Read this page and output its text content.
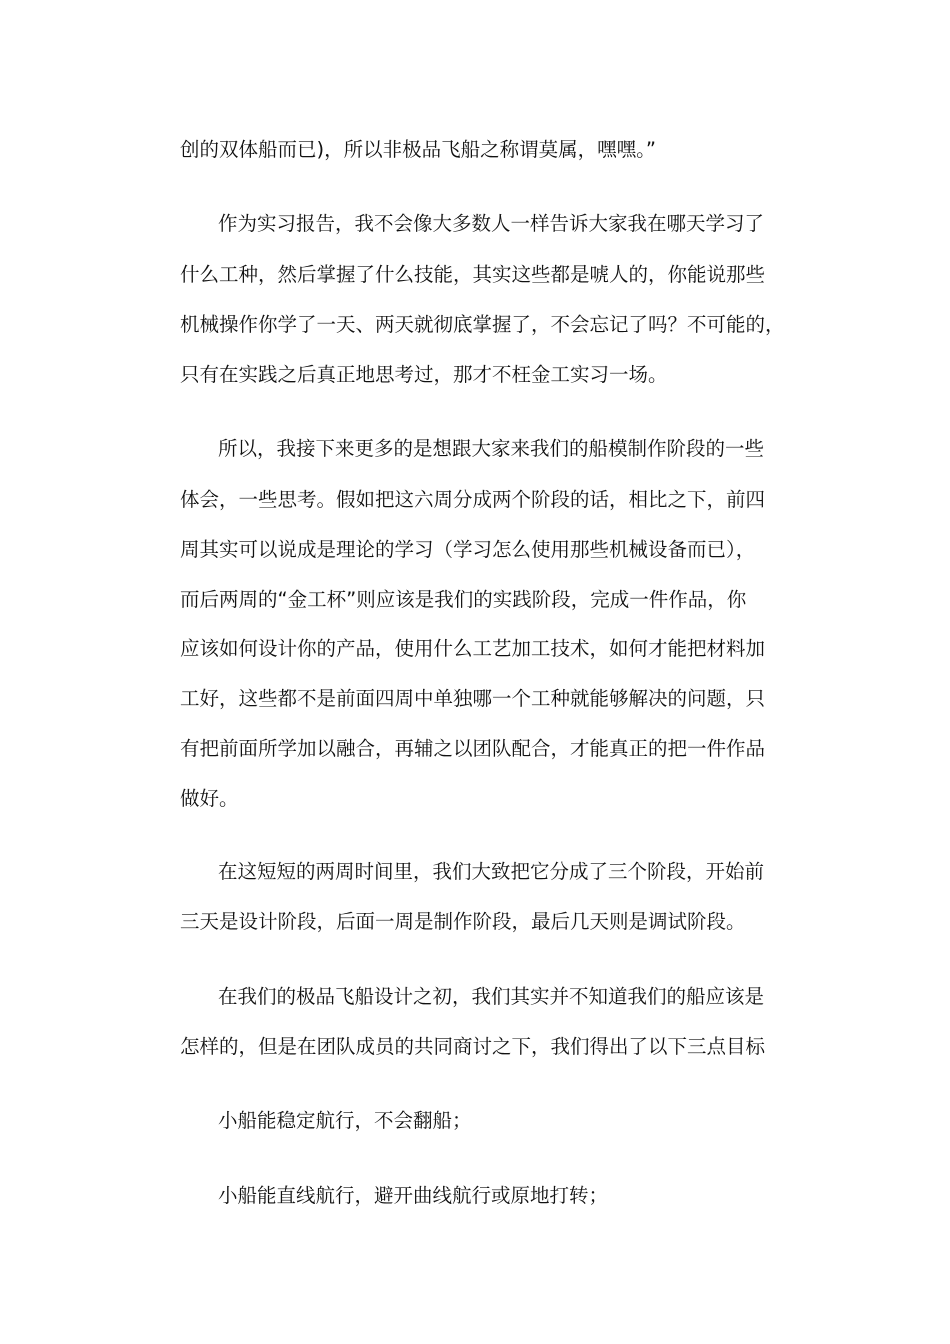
创的双体船而已)，所以非极品飞船之称谓莫属，嘿嘿。”
作为实习报告，我不会像大多数人一样告诉大家我在哪天学习了
什么工种，然后掌握了什么技能，其实这些都是唬人的，你能说那些
机械操作你学了一天、两天就彻底掌握了，不会忘记了吗？不可能的，
只有在实践之后真正地思考过，那才不枉金工实习一场。
所以，我接下来更多的是想跟大家来我们的船模制作阶段的一些
体会，一些思考。假如把这六周分成两个阶段的话，相比之下，前四
周其实可以说成是理论的学习（学习怎么使用那些机械设备而已），
而后两周的“金工杯”则应该是我们的实践阶段，完成一件作品，你
应该如何设计你的产品，使用什么工艺加工技术，如何才能把材料加
工好，这些都不是前面四周中单独哪一个工种就能够解决的问题，只
有把前面所学加以融合，再辅之以团队配合，才能真正的把一件作品
做好。
在这短短的两周时间里，我们大致把它分成了三个阶段，开始前
三天是设计阶段，后面一周是制作阶段，最后几天则是调试阶段。
在我们的极品飞船设计之初，我们其实并不知道我们的船应该是
怎样的，但是在团队成员的共同商讨之下，我们得出了以下三点目标
小船能稳定航行，不会翻船；
小船能直线航行，避开曲线航行或原地打转；
